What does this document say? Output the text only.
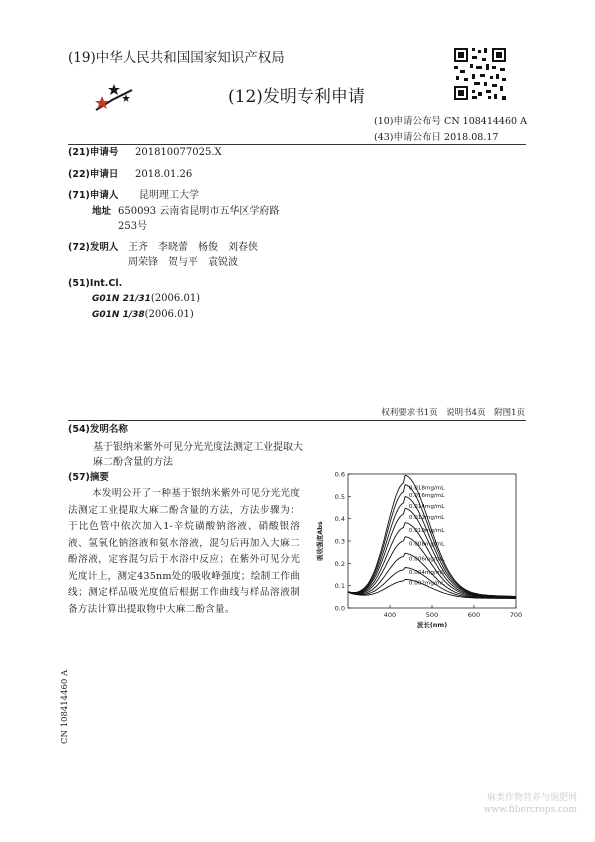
(19)中华人民共和国国家知识产权局
(12)发明专利申请
(10)申请公布号 CN 108414460 A
(43)申请公布日 2018.08.17
(21)申请号 201810077025.X
(22)申请日 2018.01.26
(71)申请人 昆明理工大学
地址 650093 云南省昆明市五华区学府路
253号
(72)发明人 王齐　李晓蕾　杨俊　刘春侠
周荣锋　贺与平　袁锐波
(51)Int.Cl.
G01N 21/31(2006.01)
G01N 1/38(2006.01)
权利要求书1页　说明书4页　附图1页
(54)发明名称
基于银纳米紫外可见分光光度法测定工业提取大麻二酚含量的方法
(57)摘要
本发明公开了一种基于银纳米紫外可见分光光度法测定工业提取大麻二酚含量的方法，方法步骤为：于比色管中依次加入1-辛烷磺酸钠溶液、硝酸银溶液、氢氧化钠溶液和氨水溶液，混匀后再加入大麻二酚溶液，定容混匀后于水浴中反应；在紫外可见分光光度计上，测定435nm处的吸收峰强度；绘制工作曲线；测定样品吸光度值后根据工作曲线与样品溶液制备方法计算出提取物中大麻二酚含量。	0.0
0.1
0.2
0.3
0.4
0.5
0.6
400	500	600	700
波长(nm)
吸收强度Abs
0.018mg/mL
0.016mg/mL
0.014mg/mL
0.012mg/mL
0.010mg/mL
0.008mg/mL
0.006mg/mL
0.004mg/mL
0.002mg/mL
CN 108414460 A
麻类作物营养与施肥网 www.fibercrops.com
